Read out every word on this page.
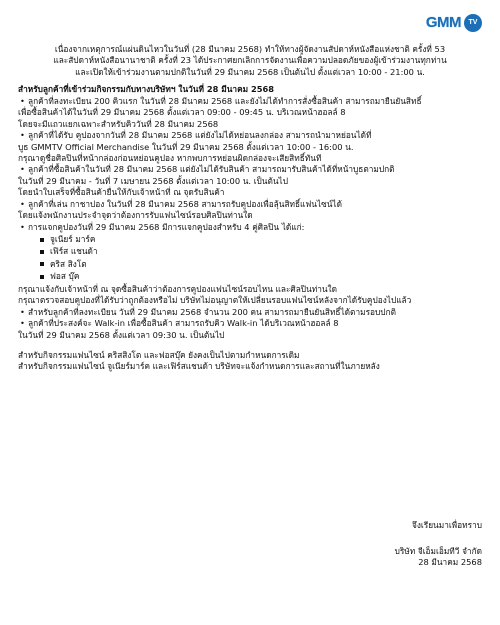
GMM	TV
เนื่องจากเหตุการณ์แผ่นดินไหวในวันที่ (28 มีนาคม 2568) ทำให้ทางผู้จัดงานสัปดาห์หนังสือแห่งชาติ ครั้งที่ 53
และสัปดาห์หนังสือนานาชาติ ครั้งที่ 23 ได้ประกาศยกเลิกการจัดงานเพื่อความปลอดภัยของผู้เข้าร่วมงานทุกท่าน
และเปิดให้เข้าร่วมงานตามปกติในวันที่ 29 มีนาคม 2568 เป็นต้นไป ตั้งแต่เวลา 10:00 - 21:00 น.

สำหรับลูกค้าที่เข้าร่วมกิจกรรมกับทางบริษัทฯ ในวันที่ 28 มีนาคม 2568

• ลูกค้าที่ลงทะเบียน 200 คิวแรก ในวันที่ 28 มีนาคม 2568 และยังไม่ได้ทำการสั่งซื้อสินค้า สามารถมายืนยันสิทธิ์

เพื่อซื้อสินค้าได้ในวันที่ 29 มีนาคม 2568 ตั้งแต่เวลา 09:00 - 09:45 น. บริเวณหน้าฮอลล์ 8

โดยจะมีแถวแยกเฉพาะสำหรับคิววันที่ 28 มีนาคม 2568

• ลูกค้าที่ได้รับ คูปองจากวันที่ 28 มีนาคม 2568 แต่ยังไม่ได้หย่อนลงกล่อง สามารถนำมาหย่อนได้ที่

บูธ GMMTV Official Merchandise ในวันที่ 29 มีนาคม 2568 ตั้งแต่เวลา 10:00 - 16:00 น.

กรุณาดูชื่อศิลปินที่หน้ากล่องก่อนหย่อนคูปอง หากพบการหย่อนผิดกล่องจะเสียสิทธิ์ทันที

• ลูกค้าที่ซื้อสินค้าในวันที่ 28 มีนาคม 2568 แต่ยังไม่ได้รับสินค้า สามารถมารับสินค้าได้ที่หน้าบูธตามปกติ

ในวันที่ 29 มีนาคม - วันที่ 7 เมษายน 2568 ตั้งแต่เวลา 10:00 น. เป็นต้นไป

โดยนำใบเสร็จที่ซื้อสินค้ายื่นให้กับเจ้าหน้าที่ ณ จุดรับสินค้า

• ลูกค้าที่เล่น กาชาปอง ในวันที่ 28 มีนาคม 2568 สามารถรับคูปองเพื่อลุ้นสิทธิ์แฟนไซน์ได้

โดยแจ้งพนักงานประจำจุดว่าต้องการรับแฟนไซน์รอบศิลปินท่านใด

• การแจกคูปองวันที่ 29 มีนาคม 2568 มีการแจกคูปองสำหรับ 4 คู่ศิลปิน ได้แก่:

จูเนียร์ มาร์ค

เฟิร์ส แชนด้า

คริส สิงโต

ฟอส บุ๊ค

กรุณาแจ้งกับเจ้าหน้าที่ ณ จุดซื้อสินค้าว่าต้องการคูปองแฟนไซน์รอบไหน และศิลปินท่านใด

กรุณาตรวจสอบคูปองที่ได้รับว่าถูกต้องหรือไม่ บริษัทไม่อนุญาตให้เปลี่ยนรอบแฟนไซน์หลังจากได้รับคูปองไปแล้ว

• สำหรับลูกค้าที่ลงทะเบียน วันที่ 29 มีนาคม 2568 จำนวน 200 คน สามารถมายืนยันสิทธิ์ได้ตามรอบปกติ

• ลูกค้าที่ประสงค์จะ Walk-in เพื่อซื้อสินค้า สามารถรับคิว Walk-in ได้บริเวณหน้าฮอลล์ 8

ในวันที่ 29 มีนาคม 2568 ตั้งแต่เวลา 09:30 น. เป็นต้นไป

สำหรับกิจกรรมแฟนไซน์ คริสสิงโต และฟอสบุ๊ค ยังคงเป็นไปตามกำหนดการเดิม

สำหรับกิจกรรมแฟนไซน์ จูเนียร์มาร์ค และเฟิร์สแชนด้า บริษัทจะแจ้งกำหนดการและสถานที่ในภายหลัง

จึงเรียนมาเพื่อทราบ
บริษัท จีเอ็มเอ็มทีวี จำกัด
28 มีนาคม 2568
